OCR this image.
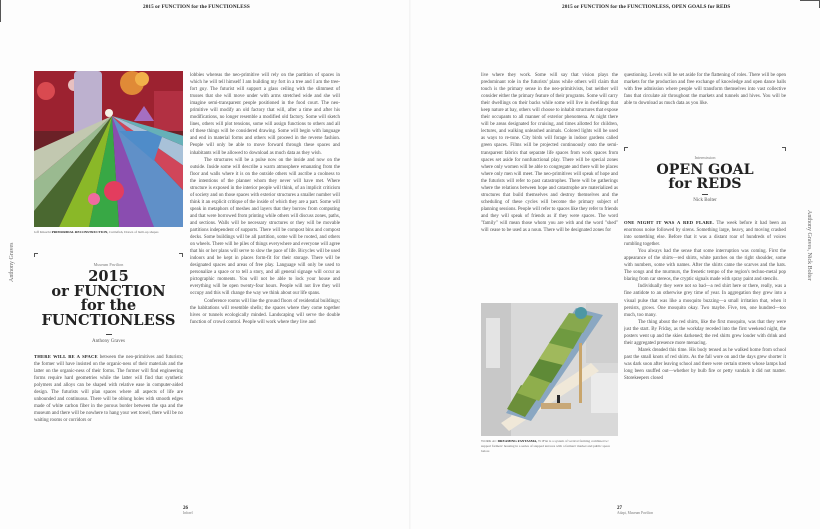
2015 or FUNCTION for the FUNCTIONLESS
Anthony Graves
Jeff Kikuchi PRIMORDIAL RECONSTRUCTION, Cuttlefish, Drawn of built-up shapes
Museum Pavilion
2015
or FUNCTION
for the
FUNCTIONLESS
Anthony Graves

THERE WILL BE A SPACE between the neo-primitives and futurists; the former will have insisted on the organic-ness of their materials and the latter on the organic-ness of their forms. The former will find engineering forms require hard geometries while the latter will find that synthetic polymers and alloys can be shaped with relative ease in computer-aided design. The futurists will plan spaces where all aspects of life are unbounded and continuous. There will be oblong holes with smooth edges made of white carbon fiber in the porous border between the spa and the museum and there will be nowhere to hang your wet towel, there will be no waiting rooms or corridors or

lobbies whereas the neo-primitive will rely on the partition of spaces in which he will tell himself I am building my fort in a tree and I am the tree-fort guy. The futurist will support a glass ceiling with the slimmest of trusses that she will move under with arms stretched wide and she will imagine semi-transparent people positioned in the food court. The neo-primitive will modify an old factory that will, after a time and after his modifications, no longer resemble a modified old factory. Some will sketch lines, others will plot tensions, some will assign functions to others and all of these things will be considered drawing. Some will begin with language and end in material forms and others will proceed in the reverse fashion. People will only be able to move forward through these spaces and inhabitants will be allowed to download as much data as they wish.

The structures will be a pulse now on the inside and now on the outside. Inside some will describe a warm atmosphere emanating from the floor and walls where it is on the outside others will ascribe a coolness to the intentions of the planner whom they never will have met. Where structure is exposed in the interior people will think, of an implicit criticism of society and on those spaces with exterior structures a smaller number will think it an explicit critique of the inside of which they are a part. Some will speak in metaphors of meshes and layers that they borrow from computing and that were borrowed from printing while others will discuss zones, paths, and sections. Walls will be necessary structures or they will be movable partitions independent of supports. There will be compost bins and compost decks. Some buildings will be all partition, some will be rooted, and others on wheels. There will be piles of things everywhere and everyone will agree that his or her plans will serve to slow the pace of life. Bicycles will be used indoors and be kept in places form-fit for their storage. There will be designated spaces and areas of free play. Language will only be used to personalize a space or to tell a story, and all general signage will occur as pictographic moments. You will not be able to lock your house and everything will be open twenty-four hours. People will not live they will occupy and this will change the way we think about our life spans.

Conference rooms will line the ground floors of residential buildings; the habitations will resemble shells; the spaces where they come together hives or tunnels ecologically minded. Landscaping will serve the double function of crowd control. People will work where they live and

26
Infrael
2015 or FUNCTION for the FUNCTIONLESS, OPEN GOALS for REDS

live where they work. Some will say that vision plays the predominant role in the futurists' plans while others will claim that touch is the primary sense in the neo-primitivists, but neither will consider either the primary feature of their programs. Some will carry their dwellings on their backs while some will live in dwellings that keep nature at bay, others will choose to inhabit structures that expose their occupants to all manner of exterior phenomena. At night there will be areas designated for cruising, and times allotted for children, lectures, and walking unleashed animals. Colored lights will be used as ways to re-tone. City birds will forage in indoor gardens called green spaces. Films will be projected continuously onto the semi-transparent fabrics that separate life spaces from work spaces from spaces set aside for nonfunctional play. There will be special zones where only women will be able to congregate and there will be places where only men will meet. The neo-primitives will speak of hope and the futurists will refer to past catastrophes. There will be gatherings where the relations between hope and catastrophe are materialized as structures that build themselves and destroy themselves and the scheduling of these cycles will become the primary subject of planning sessions. People will refer to spaces like they refer to friends and they will speak of friends as if they were spaces. The word "family" will mean those whom you are with and the word "shed" will cease to be used as a noun. There will be designated zones for

WORK AC DREAMING FANTASMA, W1Flat is a system of vertical farming combined w/ support farmers' housing in a series of stepped terraces with a farmers' market and public space below.

questioning. Levels will be set aside for the flattening of roles. There will be open markets for the production and free exchange of knowledge and open dance halls with free admission where people will transform themselves into vast collective fans that circulate air throughout the markets and tunnels and hives. You will be able to download as much data as you like.

Intermission
OPEN GOAL
for REDS
Nick Bolter

ONE NIGHT IT WAS A RED FLARE. The week before it had been an enormous noise followed by sirens. Something large, heavy, and moving crashed into something else. Before that it was a distant roar of hundreds of voices rumbling together.

You always had the sense that some interruption was coming. First the appearance of the shirts—red shirts, white patches on the right shoulder, some with numbers, some with names. After the shirts came the scarves and the hats. The songs and the murmurs, the frenetic tempo of the region's techno-metal pop blaring from car stereos, the cryptic signals made with spray paint and stencils.

Individually they were not so bad—a red shirt here or there, really, was a fine antidote to an otherwise grey time of year. In aggregation they grew into a visual pulse that was like a mosquito buzzing—a small irritation that, when it persists, grows. One mosquito okay. Two maybe. Five, ten, one hundred—too much, too many.

The thing about the red shirts, like the first mosquito, was that they were just the start. By Friday, as the workday receded into the first weekend night, the posters went up and the skies darkened; the red shirts grew louder with drink and their aggregated presence more menacing.

Marek dreaded this time. His body tensed as he walked home from school past the small knots of red shirts. As the fall wore on and the days grew shorter it was dark soon after leaving school and there were certain streets whose lamps had long been snuffed out—whether by bulb fire or petty vandals it did not matter. Storekeepers closed

27
Adapt, Museum Pavilion
Anthony Graves, Nick Bolter
